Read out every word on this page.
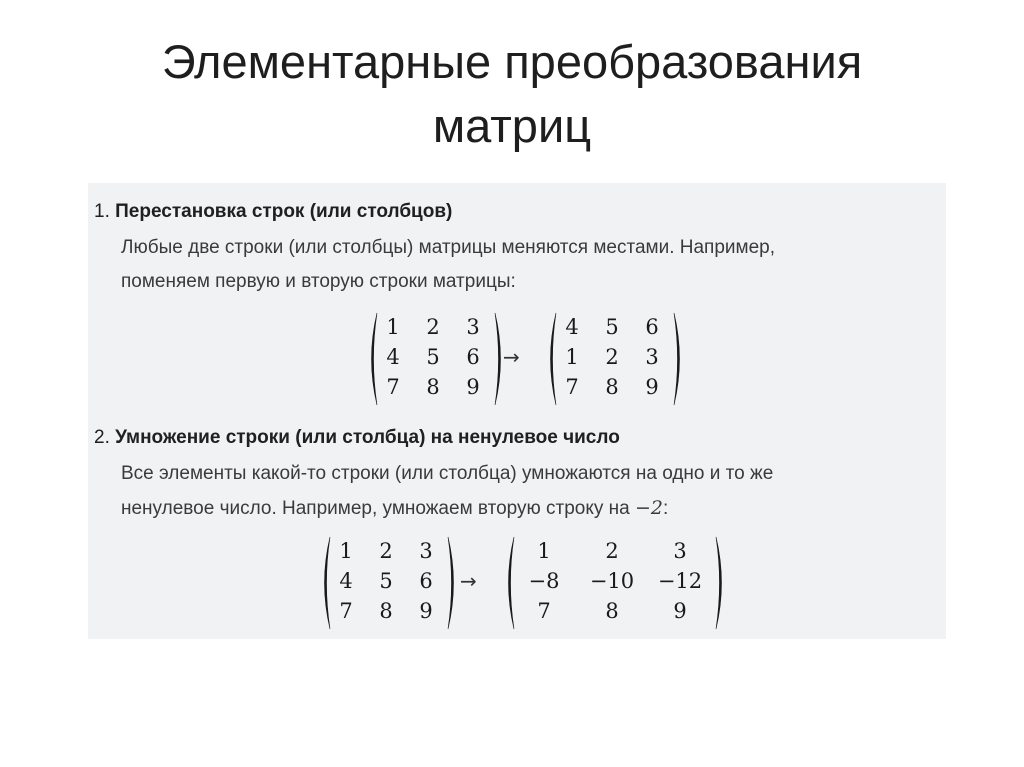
Элементарные преобразования
матриц
1. Перестановка строк (или столбцов)
Любые две строки (или столбцы) матрицы меняются местами. Например,
поменяем первую и вторую строки матрицы:
1	2	3
4	5	6
7	8	9
→
4	5	6
1	2	3
7	8	9
2. Умножение строки (или столбца) на ненулевое число
Все элементы какой-то строки (или столбца) умножаются на одно и то же
ненулевое число. Например, умножаем вторую строку на −2:
1	2	3
4	5	6
7	8	9
→
1	2	3
−8	−10	−12
7	8	9
